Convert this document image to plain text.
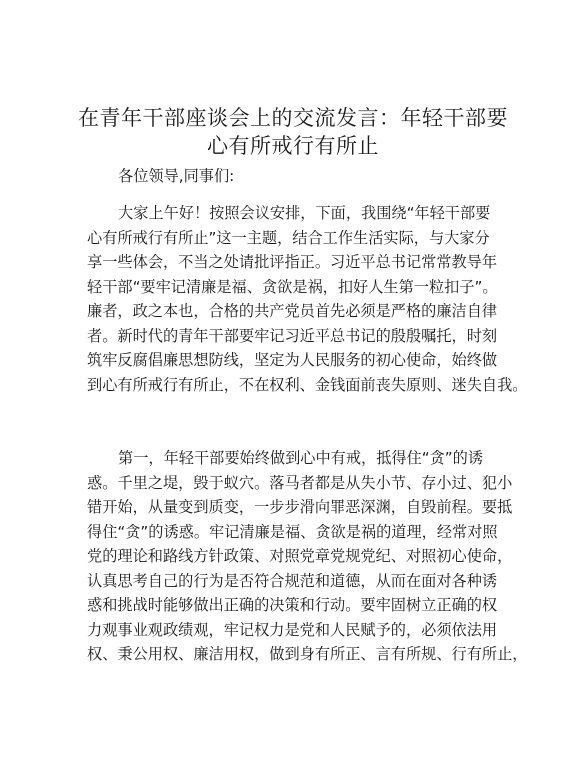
在青年干部座谈会上的交流发言：年轻干部要
心有所戒行有所止
各位领导,同事们:
大家上午好！按照会议安排，下面，我围绕“年轻干部要
心有所戒行有所止”这一主题，结合工作生活实际，与大家分
享一些体会，不当之处请批评指正。习近平总书记常常教导年
轻干部“要牢记清廉是福、贪欲是祸，扣好人生第一粒扣子”。
廉者，政之本也，合格的共产党员首先必须是严格的廉洁自律
者。新时代的青年干部要牢记习近平总书记的殷殷嘱托，时刻
筑牢反腐倡廉思想防线，坚定为人民服务的初心使命，始终做
到心有所戒行有所止，不在权利、金钱面前丧失原则、迷失自我。
第一，年轻干部要始终做到心中有戒，抵得住“贪”的诱
惑。千里之堤，毁于蚁穴。落马者都是从失小节、存小过、犯小
错开始，从量变到质变，一步步滑向罪恶深渊，自毁前程。要抵
得住“贪”的诱惑。牢记清廉是福、贪欲是祸的道理，经常对照
党的理论和路线方针政策、对照党章党规党纪、对照初心使命，
认真思考自己的行为是否符合规范和道德，从而在面对各种诱
惑和挑战时能够做出正确的决策和行动。要牢固树立正确的权
力观事业观政绩观，牢记权力是党和人民赋予的，必须依法用
权、秉公用权、廉洁用权，做到身有所正、言有所规、行有所止，
